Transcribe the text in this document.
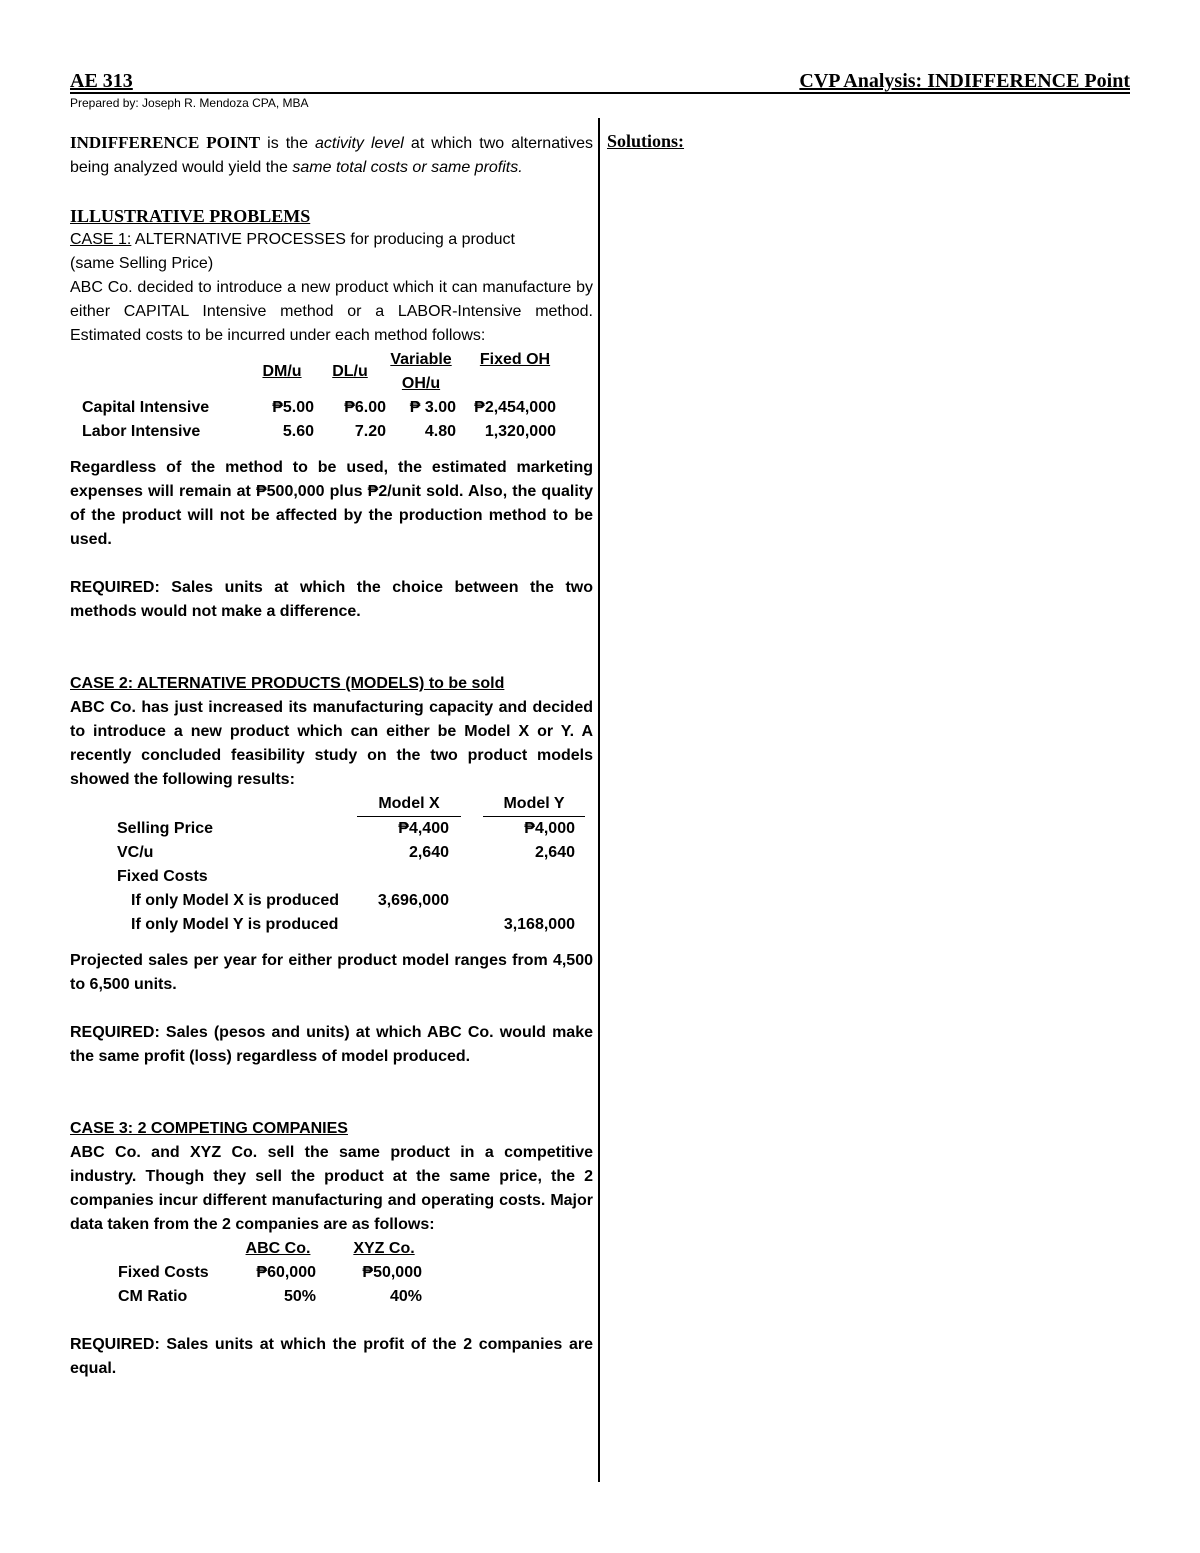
AE 313	CVP Analysis: INDIFFERENCE Point
Prepared by: Joseph R. Mendoza CPA, MBA
Solutions:

INDIFFERENCE POINT is the activity level at which two alternatives being analyzed would yield the same total costs or same profits.

ILLUSTRATIVE PROBLEMS

CASE 1: ALTERNATIVE PROCESSES for producing a product

(same Selling Price)

ABC Co. decided to introduce a new product which it can manufacture by either CAPITAL Intensive method or a LABOR-Intensive method. Estimated costs to be incurred under each method follows:

	DM/u	DL/u	Variable OH/u	Fixed OH
Capital Intensive	₱5.00	₱6.00	₱ 3.00	₱2,454,000
Labor Intensive	5.60	7.20	4.80	1,320,000

Regardless of the method to be used, the estimated marketing expenses will remain at ₱500,000 plus ₱2/unit sold. Also, the quality of the product will not be affected by the production method to be used.

REQUIRED: Sales units at which the choice between the two methods would not make a difference.

CASE 2: ALTERNATIVE PRODUCTS (MODELS) to be sold

ABC Co. has just increased its manufacturing capacity and decided to introduce a new product which can either be Model X or Y. A recently concluded feasibility study on the two product models showed the following results:

	Model X		Model Y
Selling Price	₱4,400		₱4,000
VC/u	2,640		2,640
Fixed Costs			
If only Model X is produced	3,696,000		
If only Model Y is produced			3,168,000

Projected sales per year for either product model ranges from 4,500 to 6,500 units.

REQUIRED: Sales (pesos and units) at which ABC Co. would make the same profit (loss) regardless of model produced.

CASE 3: 2 COMPETING COMPANIES

ABC Co. and XYZ Co. sell the same product in a competitive industry. Though they sell the product at the same price, the 2 companies incur different manufacturing and operating costs. Major data taken from the 2 companies are as follows:

	ABC Co.		XYZ Co.
Fixed Costs	₱60,000		₱50,000
CM Ratio	50%		40%

REQUIRED: Sales units at which the profit of the 2 companies are equal.
